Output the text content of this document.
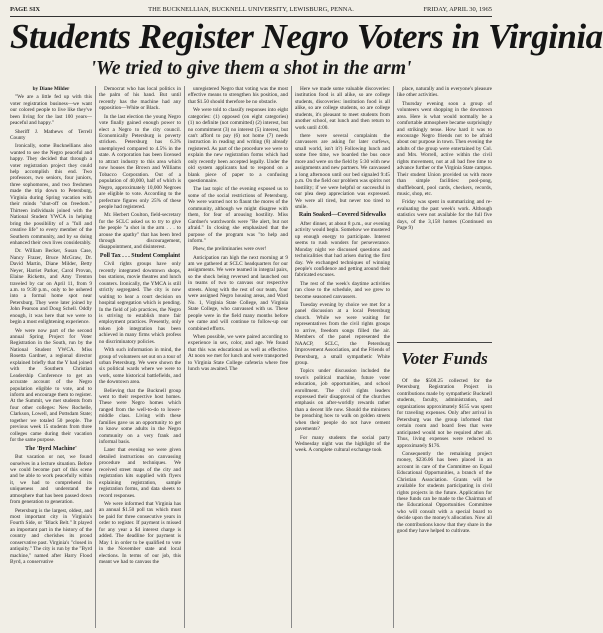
PAGE SIX	THE BUCKNELLIAN, BUCKNELL UNIVERSITY, LEWISBURG, PENNA.	FRIDAY, APRIL 30, 1965
Students Register Negro Voters in Virginia
'We tried to give them a shot in the arm'

by Diane Milder

"We are a little fed up with this voter registration business—we want our colored people to live like they've been living for the last 100 years—peaceful and happy."

Sheriff J. Mathews of Terrell County

Ironically, some Bucknellians also wanted to see the Negro peaceful and happy. They decided that through a voter registration project they could help accomplish this end. Two professors, two seniors, four juniors, three sophomores, and two freshmen made the trip down to Petersburg, Virginia during Spring vacation with their minds "shut-off on freedom." Thirteen individuals joined with the National Student YWCA in helping bring the possibility of a "full and creative life" to every member of the Southern community, and by so doing enhanced their own lives considerably.

Dr. William Becker, Susan Case, Nancy Frazer, Bruce McGraw, Dr. David Martin, Diane Milder, Betty Neyer, Harriet Parker, Carol Provan, Elaine Ricketts, and Amy Trenton traveled by car on April 11, from 9 a.m. to 9:30 p.m., only to be ushered into a formal home spot near Petersburg. They were later joined by John Pearson and Doug Schell. Oddly enough, it was here that we were to begin a most enlightening experience.

We were now part of the second annual Spring Project for Voter Registration in the South, run by the National Student YWCA. Miss Rosetta Gardner, a regional director explained briefly that the Y had joined with the Southern Christian Leadership Conference to get an accurate account of the Negro population eligible to vote, and to inform and encourage them to register. At the Summit, we met students from four other colleges: New Rochelle, Clarkson, Lowell, and Pottsdam State; together we totaled 50 people. The previous week 15 students from three colleges came during their vacation for the same purpose.

The 'Byrd Machine'

But vacation or not, we found ourselves in a lecture situation. Before we could become part of this scene and be able to work peacefully within it, we had to comprehend its uniqueness and understand the atmosphere that has been passed down from generation to generation.

Petersburg is the largest, oldest, and most important city in Virginia's Fourth Side, or "Black Belt." It played an important part in the history of the country and cherishes its proud conservative past. Virginia's "closed in antiquity." The city is run by the "Byrd machine," named after Harry Flood Byrd, a conservative

Democrat who has local politics in the palm of his hand. But until recently has the machine had any opposition—White or Black.

In the last election the young Negro vote finally gained enough power to elect a Negro to the city council. Economically Petersburg is poverty stricken. Petersburg has 6.3% unemployed compared to 4.5% in the state. A corporation has been licensed to attract industry to this area which now houses the Brown and Williams Tobacco Corporation. Out of a population of 40,000, half of which is Negro, approximately 10,000 Negroes are eligible to vote. According to the prefecture figures only 25% of these people had registered.

Mr. Herbert Coulton, field-secretary for the SCLC asked us to try to give the people "a shot in the arm . . . to arouse the apathy" that has been bred through discouragement, disappointment, and disinterest.

Poll Tax . . . Student Complaint

Civil rights groups have only recently integrated downtown shops, bus stations, movie theatres and lunch counters. Ironically, the YMCA is still strictly segregated. The city is now waiting to hear a court decision on hospital segregation which is pending. In the field of job practices, the Negro is striving to establish more fair employment practices. Presently, only token job integration has been achieved in many firms which profess no discriminatory policies.

With such information in mind, the group of volunteers set out on a tour of urban Petersburg. We were shown the six political wards where we were to work, some historical battlefields, and the downtown area.

Believing that the Bucknell group went to their respective host homes. These were Negro homes which ranged from the well-to-do to lower-middle class. Living with these families gave us an opportunity to get to know some adults in the Negro community on a very frank and informal basis.

Later that evening we were given detailed instructions on canvassing procedure and techniques. We received street maps of the city and registration kits supplied with flyers explaining registration, sample registration forms, and data sheets to record responses.

We were informed that Virginia has an annual $1.50 poll tax which must be paid for three consecutive years in order to register. If payment is missed for any year a $4 interest charge is added. The deadline for payment is May 1 in order to be qualified to vote in the November state and local elections. In terms of our job, this meant we had to canvass the

unregistered Negro that voting was the most effective means to strengthen his position, and that $1.50 should therefore be no obstacle.

We were told to classify responses into eight categories: (1) opposed (on eight categories) (1) no definite (not committed) (2) interest, but no commitment (3) no interest (5) interest, but can't afford to pay (6) not home (7) needs instruction in reading and writing (8) already registered. As part of the procedure we were to explain the new registration forms which had only recently been accepted legally. Under the old system applicants had to respond on a blank piece of paper to a confusing questionnaire.

The last topic of the evening exposed us to some of the social restrictions of Petersburg. We were warned not to flaunt the mores of the community, although we might disagree with them, for fear of arousing hostility. Miss Gardner's watchwords were "Be alert, but not afraid." In closing she emphasized that the purpose of the program was "to help and inform."

Phew, the preliminaries were over!

Anticipation ran high the next morning at 9 am we gathered at SCLC headquarters for our assignments. We were teamed in integral pairs, so the shock being reversed and launched out in teams of two to canvass our respective streets. Along with the rest of our team, four were assigned Negro housing areas, and Ward No. 1, Virginia State College, and Virginia State College, who canvassed with us. These people were in the field many months before we came and will continue to follow-up our combined efforts.

When possible, we were paired according to experience in sex, color, and age. We found that this was educational as well as effective. At noon we met for lunch and were transported to Virginia State College cafeteria where free lunch was awaited. The

Here we made some valuable discoveries: institution food is all alike, so are college students, discoveries: institution food is all alike, so are college students, so are college students, it's pleasant to meet students from another school, eat lunch and then return to work until 4:00.

there were several complaints the canvassers are asking for later curfews, small world, isn't it?) Following lunch and some free time, we boarded the bus once more and were on the field by 5:30 with new assignments and new partners. We canvassed a long afternoon until our bed signaled 9:45 p.m. On the field our problem was spirits not hostility; if we were helpful or successful in our plea deep appreciation was expressed. We were all tired, but never too tired to smile.

Rain Soaked—Covered Sidewalks

After dinner, at about 8 p.m., our evening activity would begin. Somehow we mustered up enough energy to participate. Interest seems to rush wonders for perseverance. Monday night we discussed questions and technicalities that had arisen during the first day. We exchanged techniques of winning people's confidence and getting around their fabricated excuses.

The rest of the week's daytime activities ran close to the schedule, and we grew to become seasoned canvassers.

Tuesday evening by choice we met for a panel discussion at a local Petersburg church. While we were waiting for representatives from the civil rights groups to arrive, freedom songs filled the air. Members of the panel represented the NAACP, SCLC, the Petersburg Improvement Association, and the Friends of Petersburg, a small sympathetic White group.

Topics under discussion included the town's political machine, future voter education, job opportunities, and school enrollment. The civil rights leaders expressed their disapproval of the churches emphasis on after-worldly rewards rather than a decent life now. Should the ministers be preaching how to walk on golden streets when their people do not have cement pavements?

For many students the social party Wednesday night was the highlight of the week. A complete cultural exchange took

place, naturally and in everyone's pleasure like other activities.

Thursday evening soon a group of volunteers went shopping in the downtown area. Here is what would normally be a comfortable atmosphere became surprisingly and strikingly tense. How hard it was to encourage Negro friends not to be afraid about our purpose in town. Then evening the adults of the group were entertained by Col. and Mrs. Worrell, active within the civil rights movement, not at all bad free time to advance further or the Virginia State campus. Their student Union provided us with more than simple facilities: pool-pong, shuffleboard, pool cards, checkers, records, music, shop, etc.

Friday was spent in summarizing and re-evaluating the past week's work. Although statistics were not available for the full five days, of the 3,158 homes (Continued on Page 9)

Voter Funds

Of the $508.25 collected for the Petersburg Registration Project in contributions made by sympathetic Bucknell students, faculty, administration, and organizations approximately $155 was spent for traveling expenses. Only after arrival in Petersburg was the group informed that certain room and board fees that were anticipated would not be required after all. Thus, living expenses were reduced to approximately $176.

Consequently the remaining project money, $236.06 has been placed in an account in care of the Committee on Equal Educational Opportunities, a branch of the Christian Association. Grants will be available for students participating in civil rights projects in the future. Application for these funds can be made to the Chairman of the Educational Opportunities Committee who will consult with a special board to decide upon the money's allocation. Now all the contributions know that they share in the good they have helped to cultivate.
